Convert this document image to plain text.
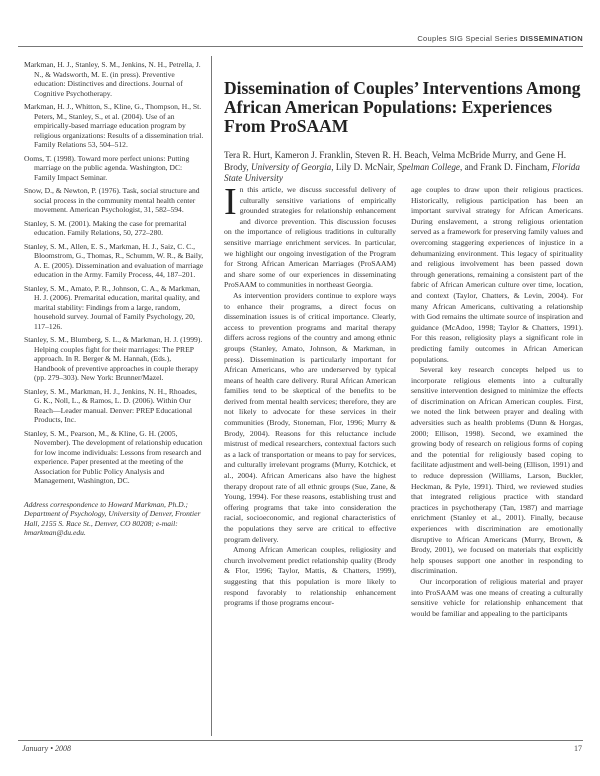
Couples SIG Special Series DISSEMINATION
Markman, H. J., Stanley, S. M., Jenkins, N. H., Petrella, J. N., & Wadsworth, M. E. (in press). Preventive education: Distinctives and directions. Journal of Cognitive Psychotherapy.
Markman, H. J., Whitton, S., Kline, G., Thompson, H., St. Peters, M., Stanley, S., et al. (2004). Use of an empirically-based marriage education program by religious organizations: Results of a dissemination trial. Family Relations 53, 504–512.
Ooms, T. (1998). Toward more perfect unions: Putting marriage on the public agenda. Washington, DC: Family Impact Seminar.
Snow, D., & Newton, P. (1976). Task, social structure and social process in the community mental health center movement. American Psychologist, 31, 582–594.
Stanley, S. M. (2001). Making the case for premarital education. Family Relations, 50, 272–280.
Stanley, S. M., Allen, E. S., Markman, H. J., Saiz, C. C., Bloomstrom, G., Thomas, R., Schumm, W. R., & Baily, A. E. (2005). Dissemination and evaluation of marriage education in the Army. Family Process, 44, 187–201.
Stanley, S. M., Amato, P. R., Johnson, C. A., & Markman, H. J. (2006). Premarital education, marital quality, and marital stability: Findings from a large, random, household survey. Journal of Family Psychology, 20, 117–126.
Stanley, S. M., Blumberg, S. L., & Markman, H. J. (1999). Helping couples fight for their marriages: The PREP approach. In R. Berger & M. Hannah, (Eds.), Handbook of preventive approaches in couple therapy (pp. 279–303). New York: Brunner/Mazel.
Stanley, S. M., Markman, H. J., Jenkins, N. H., Rhoades, G. K., Noll, L., & Ramos, L. D. (2006). Within Our Reach—Leader manual. Denver: PREP Educational Products, Inc.
Stanley, S. M., Pearson, M., & Kline, G. H. (2005, November). The development of relationship education for low income individuals: Lessons from research and experience. Paper presented at the meeting of the Association for Public Policy Analysis and Management, Washington, DC.
Address correspondence to Howard Markman, Ph.D.; Department of Psychology, University of Denver, Frontier Hall, 2155 S. Race St., Denver, CO 80208; e-mail: hmarkman@du.edu.
Dissemination of Couples’ Interventions Among African American Populations: Experiences From ProSAAM
Tera R. Hurt, Kameron J. Franklin, Steven R. H. Beach, Velma McBride Murry, and Gene H. Brody, University of Georgia, Lily D. McNair, Spelman College, and Frank D. Fincham, Florida State University

In this article, we discuss successful delivery of culturally sensitive variations of empirically grounded strategies for relationship enhancement and divorce prevention. This discussion focuses on the importance of religious traditions in culturally sensitive marriage enrichment services. In particular, we highlight our ongoing investigation of the Program for Strong African American Marriages (ProSAAM) and share some of our experiences in disseminating ProSAAM to communities in northeast Georgia.

As intervention providers continue to explore ways to enhance their programs, a direct focus on dissemination issues is of critical importance. Clearly, access to prevention programs and marital therapy differs across regions of the country and among ethnic groups (Stanley, Amato, Johnson, & Markman, in press). Dissemination is particularly important for African Americans, who are underserved by typical means of health care delivery. Rural African American families tend to be skeptical of the benefits to be derived from mental health services; therefore, they are not likely to advocate for these services in their communities (Brody, Stoneman, Flor, 1996; Murry & Brody, 2004). Reasons for this reluctance include mistrust of medical researchers, contextual factors such as a lack of transportation or means to pay for services, and culturally irrelevant programs (Murry, Kotchick, et al., 2004). African Americans also have the highest therapy dropout rate of all ethnic groups (Sue, Zane, & Young, 1994). For these reasons, establishing trust and offering programs that take into consideration the racial, socioeconomic, and regional characteristics of the populations they serve are critical to effective program delivery.

Among African American couples, religiosity and church involvement predict relationship quality (Brody & Flor, 1996; Taylor, Mattis, & Chatters, 1999), suggesting that this population is more likely to respond favorably to relationship enhancement programs if those programs encour-

age couples to draw upon their religious practices. Historically, religious participation has been an important survival strategy for African Americans. During enslavement, a strong religious orientation served as a framework for preserving family values and overcoming staggering experiences of injustice in a dehumanizing environment. This legacy of spirituality and religious involvement has been passed down through generations, remaining a consistent part of the fabric of African American culture over time, location, and context (Taylor, Chatters, & Levin, 2004). For many African Americans, cultivating a relationship with God remains the ultimate source of inspiration and guidance (McAdoo, 1998; Taylor & Chatters, 1991). For this reason, religiosity plays a significant role in predicting family outcomes in African American populations.

Several key research concepts helped us to incorporate religious elements into a culturally sensitive intervention designed to minimize the effects of discrimination on African American couples. First, we noted the link between prayer and dealing with adversities such as health problems (Dunn & Horgas, 2000; Ellison, 1998). Second, we examined the growing body of research on religious forms of coping and the potential for religiously based coping to facilitate adjustment and well-being (Ellison, 1991) and to reduce depression (Williams, Larson, Buckler, Heckman, & Pyle, 1991). Third, we reviewed studies that integrated religious practice with standard practices in psychotherapy (Tan, 1987) and marriage enrichment (Stanley et al., 2001). Finally, because experiences with discrimination are emotionally disruptive to African Americans (Murry, Brown, & Brody, 2001), we focused on materials that explicitly help spouses support one another in responding to discrimination.

Our incorporation of religious material and prayer into ProSAAM was one means of creating a culturally sensitive vehicle for relationship enhancement that would be familiar and appealing to the participants

January • 2008	17
